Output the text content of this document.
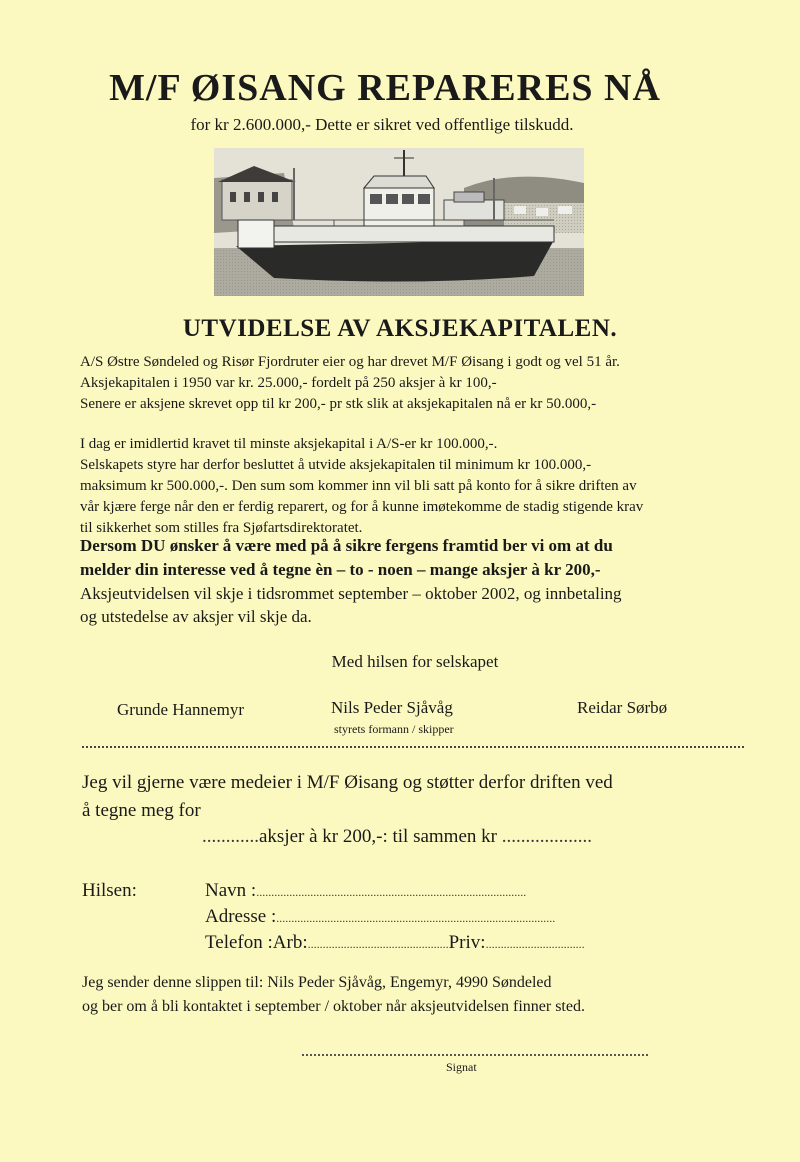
M/F ØISANG REPARERES NÅ
for kr 2.600.000,- Dette er sikret ved offentlige tilskudd.
UTVIDELSE AV AKSJEKAPITALEN.
A/S Østre Søndeled og Risør Fjordruter eier og har drevet M/F Øisang i godt og vel 51 år.
Aksjekapitalen i 1950 var kr. 25.000,- fordelt på 250 aksjer à kr 100,-
Senere er aksjene skrevet opp til kr 200,- pr stk slik at aksjekapitalen nå er kr 50.000,-
I dag er imidlertid kravet til minste aksjekapital i A/S-er kr 100.000,-.
Selskapets styre har derfor besluttet å utvide aksjekapitalen til minimum kr 100.000,-
maksimum kr 500.000,-. Den sum som kommer inn vil bli satt på konto for å sikre driften av
vår kjære ferge når den er ferdig reparert, og for å kunne imøtekomme de stadig stigende krav
til sikkerhet som stilles fra Sjøfartsdirektoratet.
Dersom DU ønsker å være med på å sikre fergens framtid ber vi om at du
melder din interesse ved å tegne èn – to - noen – mange aksjer à kr 200,-
Aksjeutvidelsen vil skje i tidsrommet september – oktober 2002, og innbetaling
og utstedelse av aksjer vil skje da.
Med hilsen for selskapet
Grunde Hannemyr	Nils Peder Sjåvåg
styrets formann / skipper
Reidar Sørbø
Jeg vil gjerne være medeier i M/F Øisang og støtter derfor driften ved
å tegne meg for
............aksjer à kr 200,-: til sammen kr ...................
Hilsen:	Navn :..........................................................................................
Adresse :.............................................................................................
Telefon :Arb:...............................................Priv:.................................
Jeg sender denne slippen til: Nils Peder Sjåvåg, Engemyr, 4990 Søndeled
og ber om å bli kontaktet i september / oktober når aksjeutvidelsen finner sted.
Signat
